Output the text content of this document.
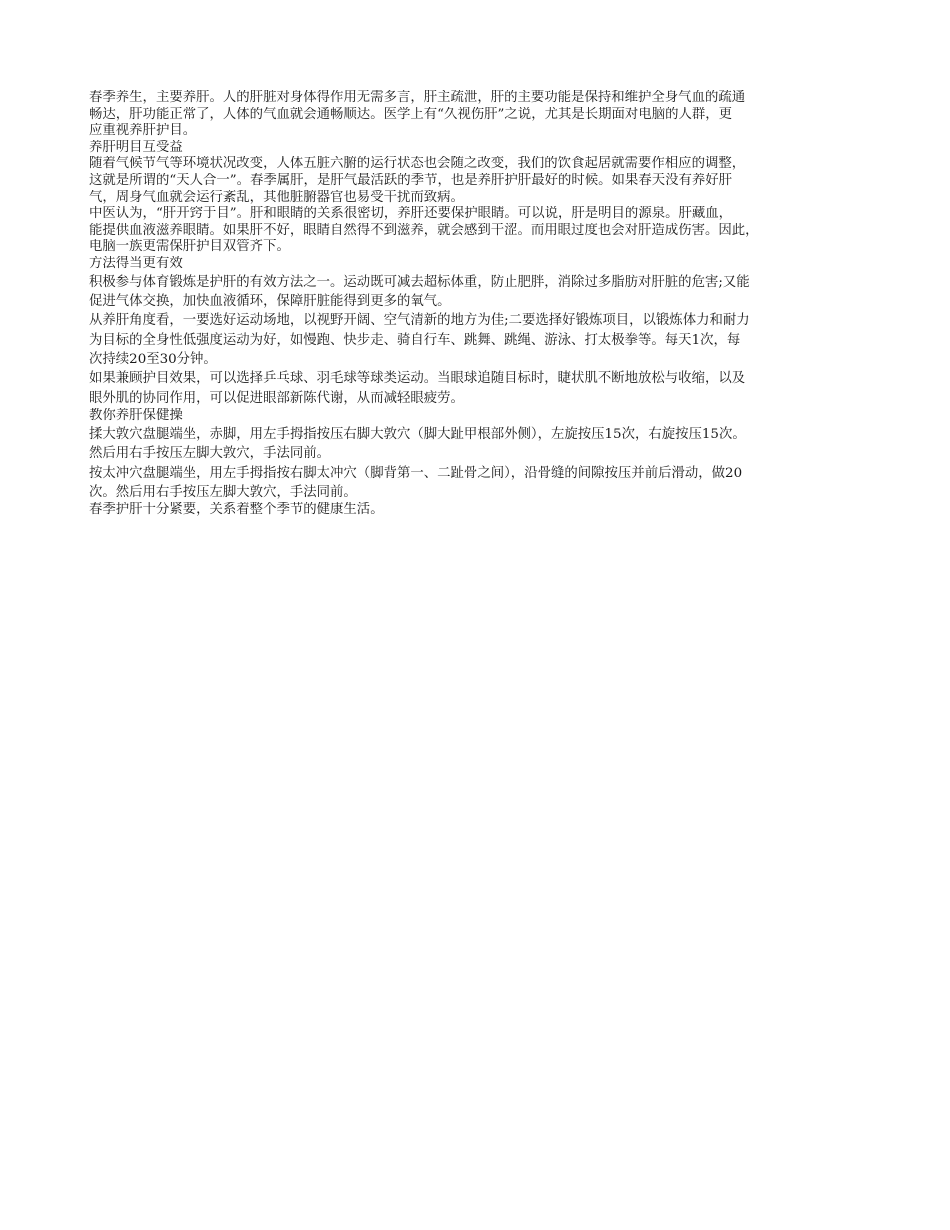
春季养生，主要养肝。人的肝脏对身体得作用无需多言，肝主疏泄，肝的主要功能是保持和维护全身气血的疏通
畅达，肝功能正常了，人体的气血就会通畅顺达。医学上有“久视伤肝”之说，尤其是长期面对电脑的人群，更
应重视养肝护目。
养肝明目互受益
随着气候节气等环境状况改变，人体五脏六腑的运行状态也会随之改变，我们的饮食起居就需要作相应的调整，
这就是所谓的“天人合一”。春季属肝，是肝气最活跃的季节，也是养肝护肝最好的时候。如果春天没有养好肝
气，周身气血就会运行紊乱，其他脏腑器官也易受干扰而致病。
中医认为，“肝开窍于目”。肝和眼睛的关系很密切，养肝还要保护眼睛。可以说，肝是明目的源泉。肝藏血，
能提供血液滋养眼睛。如果肝不好，眼睛自然得不到滋养，就会感到干涩。而用眼过度也会对肝造成伤害。因此，
电脑一族更需保肝护目双管齐下。
方法得当更有效
积极参与体育锻炼是护肝的有效方法之一。运动既可减去超标体重，防止肥胖，消除过多脂肪对肝脏的危害;又能
促进气体交换，加快血液循环，保障肝脏能得到更多的氧气。
从养肝角度看，一要选好运动场地，以视野开阔、空气清新的地方为佳;二要选择好锻炼项目，以锻炼体力和耐力
为目标的全身性低强度运动为好，如慢跑、快步走、骑自行车、跳舞、跳绳、游泳、打太极拳等。每天1次，每
次持续20至30分钟。
如果兼顾护目效果，可以选择乒乓球、羽毛球等球类运动。当眼球追随目标时，睫状肌不断地放松与收缩，以及
眼外肌的协同作用，可以促进眼部新陈代谢，从而减轻眼疲劳。
教你养肝保健操
揉大敦穴盘腿端坐，赤脚，用左手拇指按压右脚大敦穴（脚大趾甲根部外侧），左旋按压15次，右旋按压15次。
然后用右手按压左脚大敦穴，手法同前。
按太冲穴盘腿端坐，用左手拇指按右脚太冲穴（脚背第一、二趾骨之间），沿骨缝的间隙按压并前后滑动，做20
次。然后用右手按压左脚大敦穴，手法同前。
春季护肝十分紧要，关系着整个季节的健康生活。
